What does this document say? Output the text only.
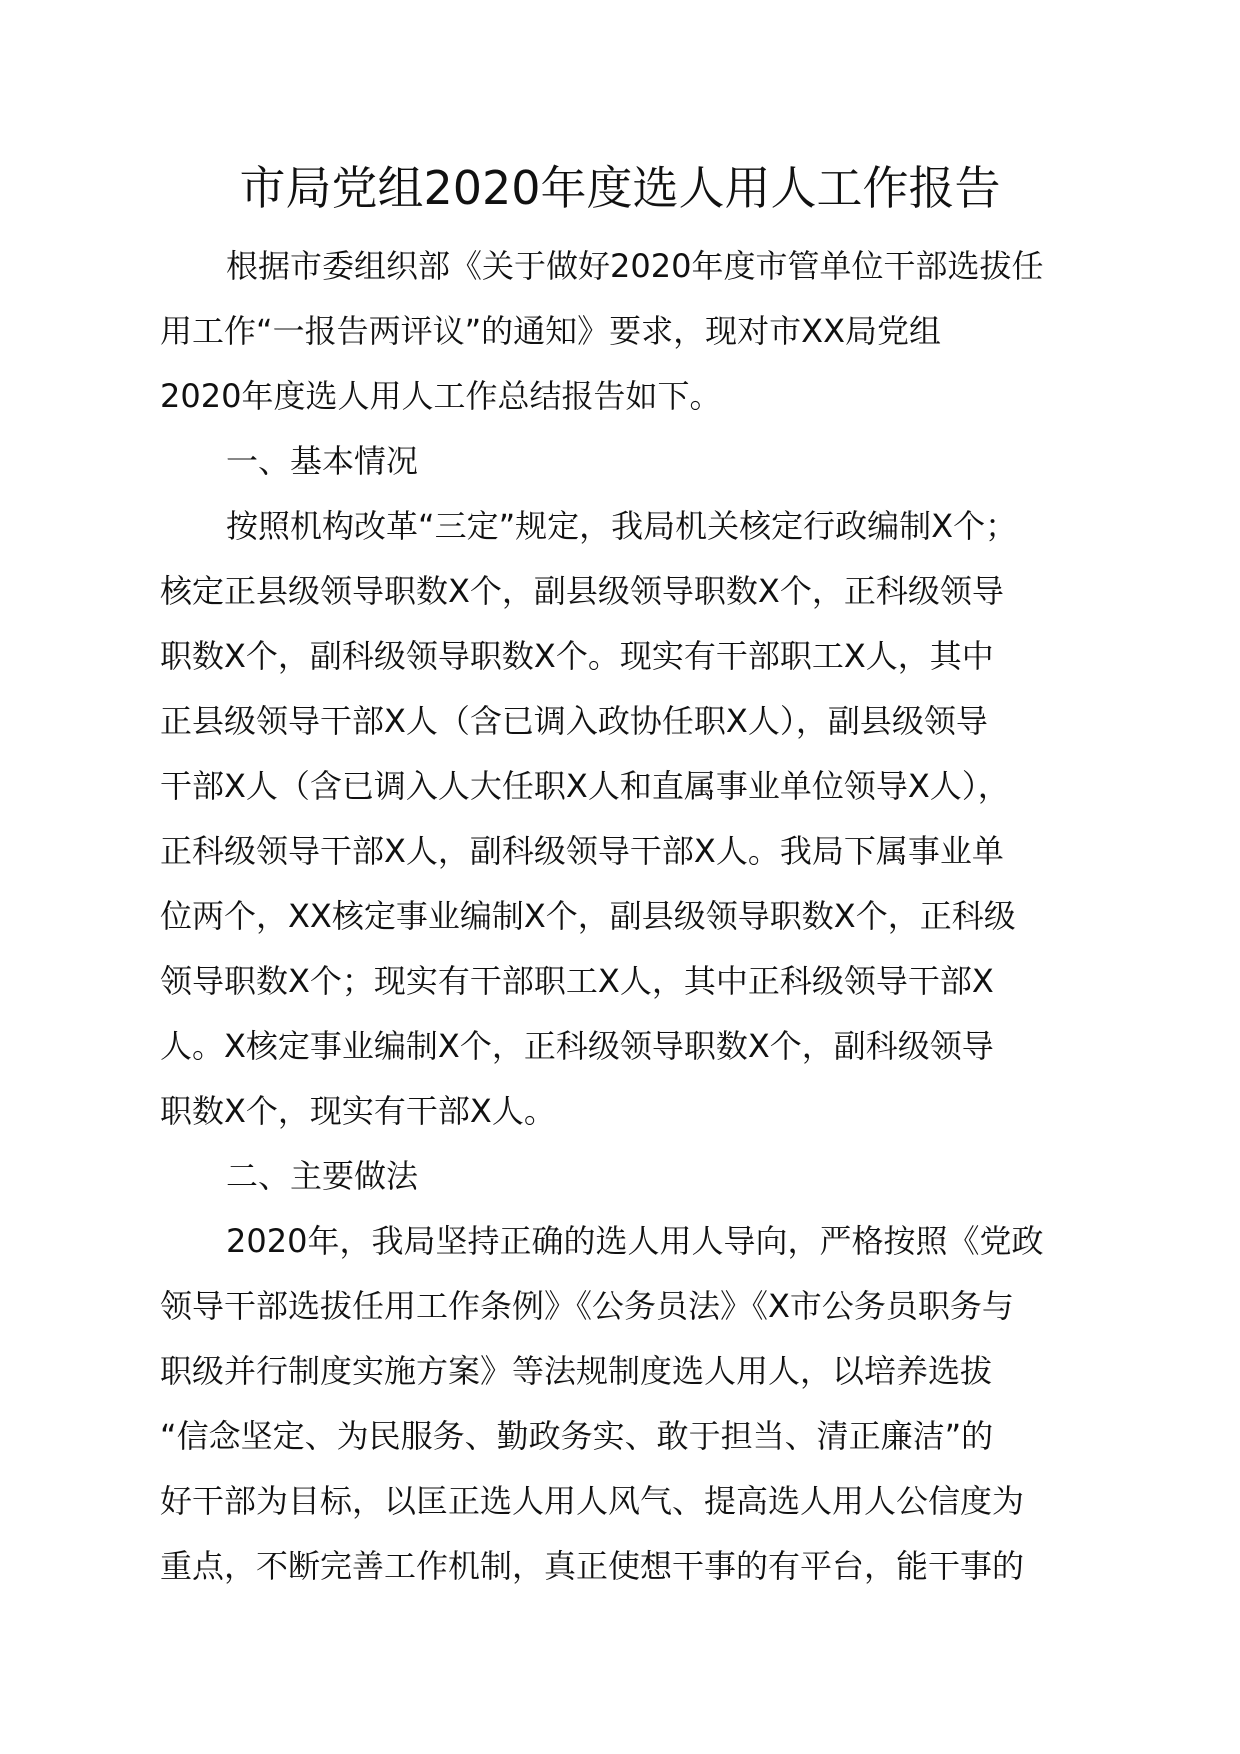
市局党组2020年度选人用人工作报告

根据市委组织部《关于做好2020年度市管单位干部选拔任

用工作“一报告两评议”的通知》要求，现对市XX局党组

2020年度选人用人工作总结报告如下。

一、基本情况

按照机构改革“三定”规定，我局机关核定行政编制X个；

核定正县级领导职数X个，副县级领导职数X个，正科级领导

职数X个，副科级领导职数X个。现实有干部职工X人，其中

正县级领导干部X人（含已调入政协任职X人），副县级领导

干部X人（含已调入人大任职X人和直属事业单位领导X人），

正科级领导干部X人，副科级领导干部X人。我局下属事业单

位两个，XX核定事业编制X个，副县级领导职数X个，正科级

领导职数X个；现实有干部职工X人，其中正科级领导干部X

人。X核定事业编制X个，正科级领导职数X个，副科级领导

职数X个，现实有干部X人。

二、主要做法

2020年，我局坚持正确的选人用人导向，严格按照《党政

领导干部选拔任用工作条例》《公务员法》《X市公务员职务与

职级并行制度实施方案》等法规制度选人用人，以培养选拔

“信念坚定、为民服务、勤政务实、敢于担当、清正廉洁”的

好干部为目标，以匡正选人用人风气、提高选人用人公信度为

重点，不断完善工作机制，真正使想干事的有平台，能干事的
